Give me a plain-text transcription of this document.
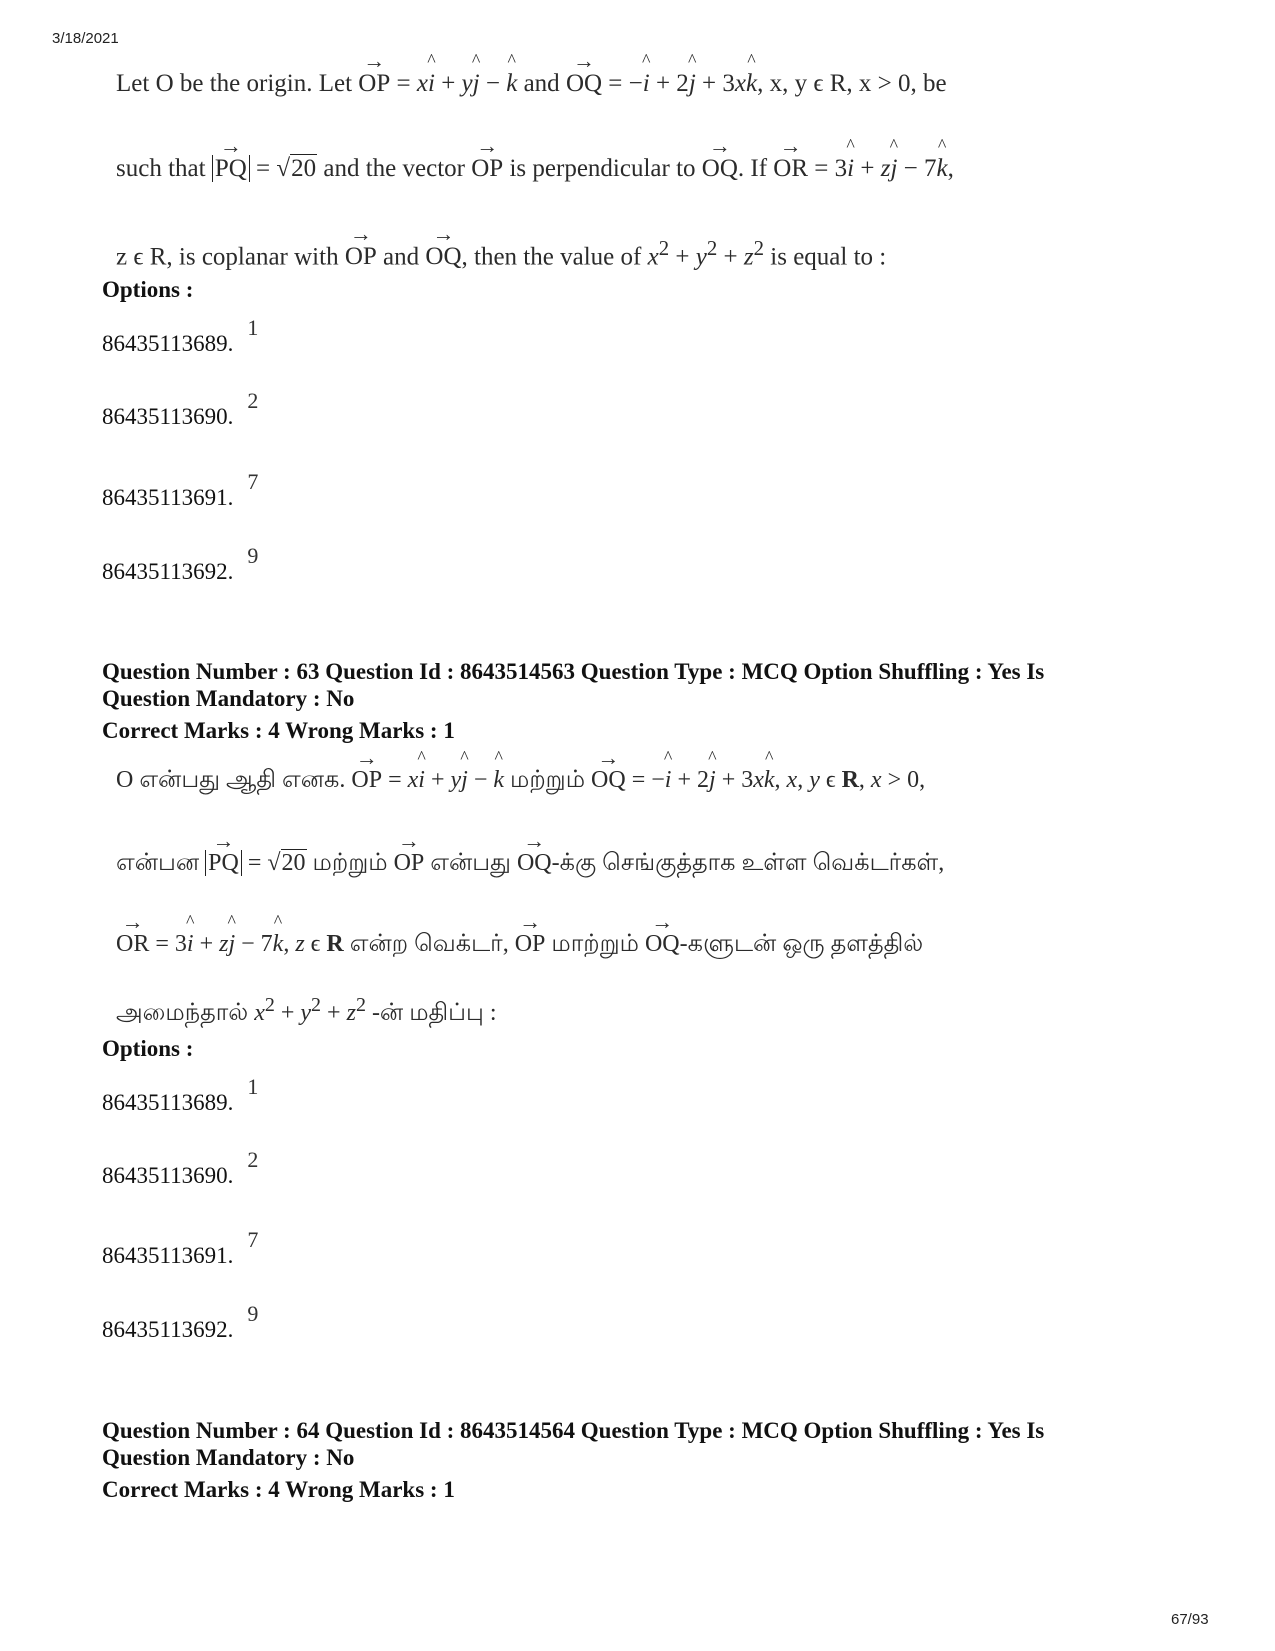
3/18/2021
Let O be the origin. Let → OP = x^ i + y^ j − ^ k and → OQ = −^ i + 2^ j + 3x^ k, x, y ϵ R, x > 0, be
such that → PQ = √20 and the vector → OP is perpendicular to → OQ. If → OR = 3^ i + z^ j − 7^ k,
z ϵ R, is coplanar with → OP and → OQ, then the value of $x^2 + y^2 + z^2$ is equal to :
Options :
86435113689.1
86435113690.2
86435113691.7
86435113692.9
Question Number : 63 Question Id : 8643514563 Question Type : MCQ Option Shuffling : Yes Is
Question Mandatory : No
Correct Marks : 4 Wrong Marks : 1
O என்பது ஆதி எனக. → OP = x^ i + y^ j − ^ k மற்றும் → OQ = −^ i + 2^ j + 3x^ k, x, y ϵ R, x > 0,
என்பன → PQ = √20 மற்றும் → OP என்பது → OQ-க்கு செங்குத்தாக உள்ள வெக்டர்கள்,
→ OR = 3^ i + z^ j − 7^ k, z ϵ R என்ற வெக்டர், → OP மாற்றும் → OQ-களுடன் ஒரு தளத்தில்
அமைந்தால் $x^2 + y^2 + z^2$ -ன் மதிப்பு :
Options :
86435113689.1
86435113690.2
86435113691.7
86435113692.9
Question Number : 64 Question Id : 8643514564 Question Type : MCQ Option Shuffling : Yes Is
Question Mandatory : No
Correct Marks : 4 Wrong Marks : 1
67/93
